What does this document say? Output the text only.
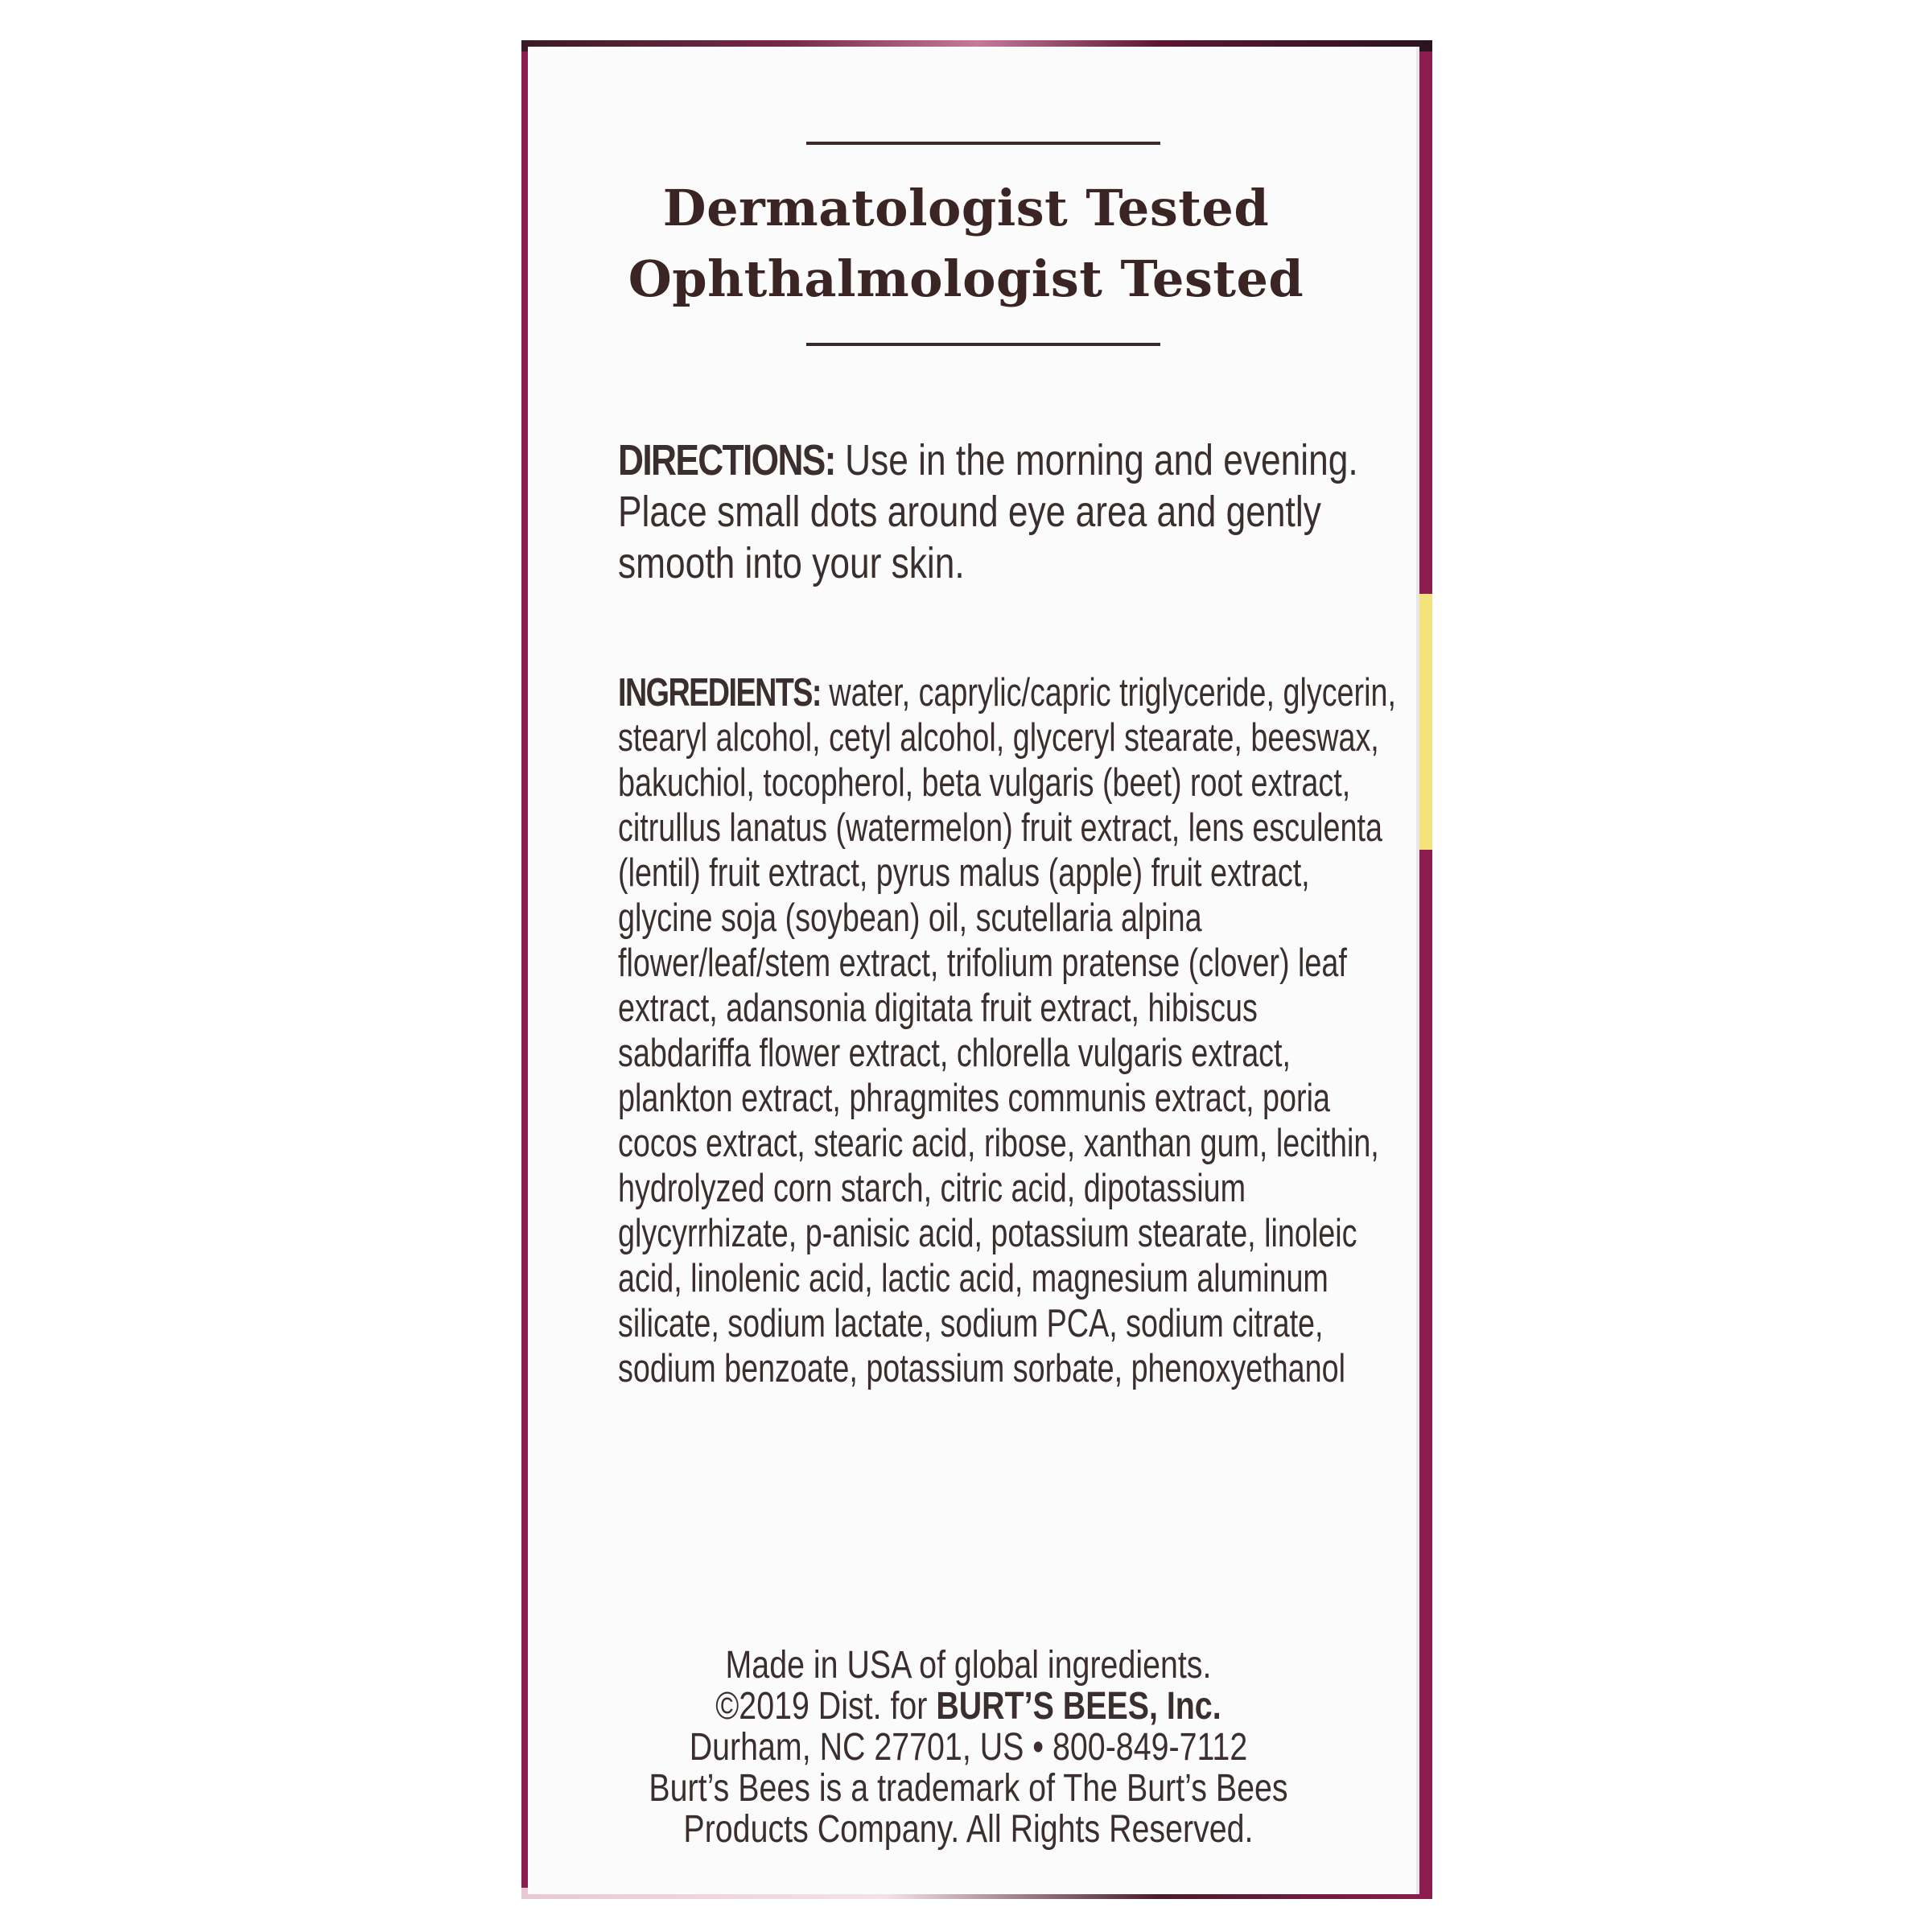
Dermatologist Tested
Ophthalmologist Tested
DIRECTIONS: Use in the morning and evening.
Place small dots around eye area and gently
smooth into your skin.
INGREDIENTS: water, caprylic/capric triglyceride, glycerin,
stearyl alcohol, cetyl alcohol, glyceryl stearate, beeswax,
bakuchiol, tocopherol, beta vulgaris (beet) root extract,
citrullus lanatus (watermelon) fruit extract, lens esculenta
(lentil) fruit extract, pyrus malus (apple) fruit extract,
glycine soja (soybean) oil, scutellaria alpina
flower/leaf/stem extract, trifolium pratense (clover) leaf
extract, adansonia digitata fruit extract, hibiscus
sabdariffa flower extract, chlorella vulgaris extract,
plankton extract, phragmites communis extract, poria
cocos extract, stearic acid, ribose, xanthan gum, lecithin,
hydrolyzed corn starch, citric acid, dipotassium
glycyrrhizate, p-anisic acid, potassium stearate, linoleic
acid, linolenic acid, lactic acid, magnesium aluminum
silicate, sodium lactate, sodium PCA, sodium citrate,
sodium benzoate, potassium sorbate, phenoxyethanol
Made in USA of global ingredients.
©2019 Dist. for BURT’S BEES, Inc.
Durham, NC 27701, US • 800-849-7112
Burt’s Bees is a trademark of The Burt’s Bees
Products Company. All Rights Reserved.
